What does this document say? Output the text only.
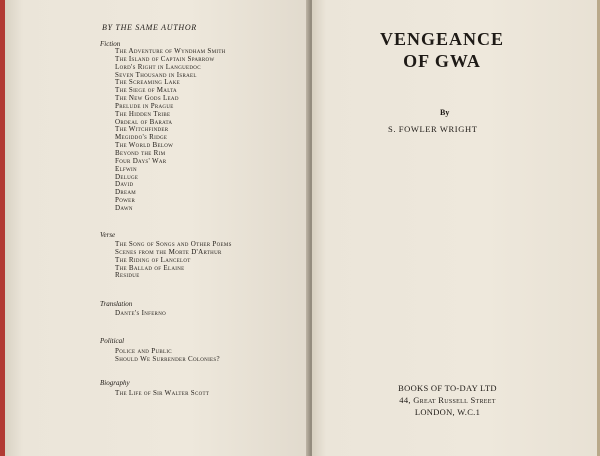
BY THE SAME AUTHOR
Fiction
The Adventure of Wyndham Smith
The Island of Captain Sparrow
Lord's Right in Languedoc
Seven Thousand in Israel
The Screaming Lake
The Siege of Malta
The New Gods Lead
Prelude in Prague
The Hidden Tribe
Ordeal of Barata
The Witchfinder
Megiddo's Ridge
The World Below
Beyond the Rim
Four Days' War
Elfwin
Deluge
David
Dream
Power
Dawn
Verse
The Song of Songs and Other Poems
Scenes from the Morte D'Arthur
The Riding of Lancelot
The Ballad of Elaine
Residue
Translation
Dante's Inferno
Political
Police and Public
Should We Surrender Colonies?
Biography
The Life of Sir Walter Scott
VENGEANCE
OF GWA
By
S. FOWLER WRIGHT
BOOKS OF TO-DAY LTD
44, Great Russell Street
LONDON, W.C.1
